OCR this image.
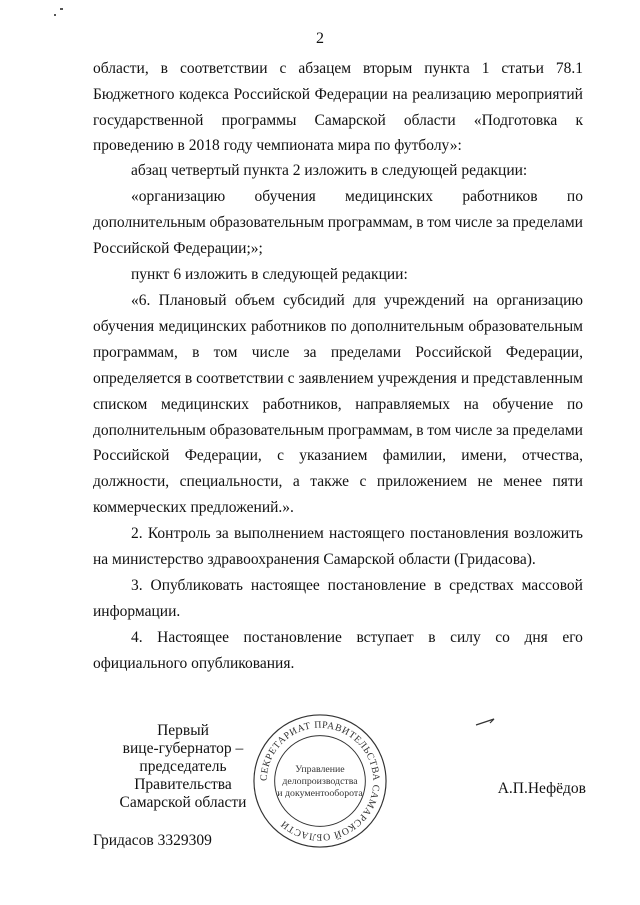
2
области, в соответствии с абзацем вторым пункта 1 статьи 78.1
Бюджетного кодекса Российской Федерации на реализацию мероприятий
государственной программы Самарской области «Подготовка к
проведению в 2018 году чемпионата мира по футболу»:
абзац четвертый пункта 2 изложить в следующей редакции:
«организацию обучения медицинских работников по
дополнительным образовательным программам, в том числе за пределами
Российской Федерации;»;
пункт 6 изложить в следующей редакции:
«6. Плановый объем субсидий для учреждений на организацию
обучения медицинских работников по дополнительным образовательным
программам, в том числе за пределами Российской Федерации,
определяется в соответствии с заявлением учреждения и представленным
списком медицинских работников, направляемых на обучение по
дополнительным образовательным программам, в том числе за пределами
Российской Федерации, с указанием фамилии, имени, отчества,
должности, специальности, а также с приложением не менее пяти
коммерческих предложений.».
2. Контроль за выполнением настоящего постановления возложить
на министерство здравоохранения Самарской области (Гридасова).
3. Опубликовать настоящее постановление в средствах массовой
информации.
4. Настоящее постановление вступает в силу со дня его
официального опубликования.
Первый
вице-губернатор –
председатель Правительства
Самарской области
СЕКРЕТАРИАТ ПРАВИТЕЛЬСТВА САМАРСКОЙ ОБЛАСТИ
Управление
делопроизводства
и документооборота	А.П.Нефёдов
Гридасов 3329309
